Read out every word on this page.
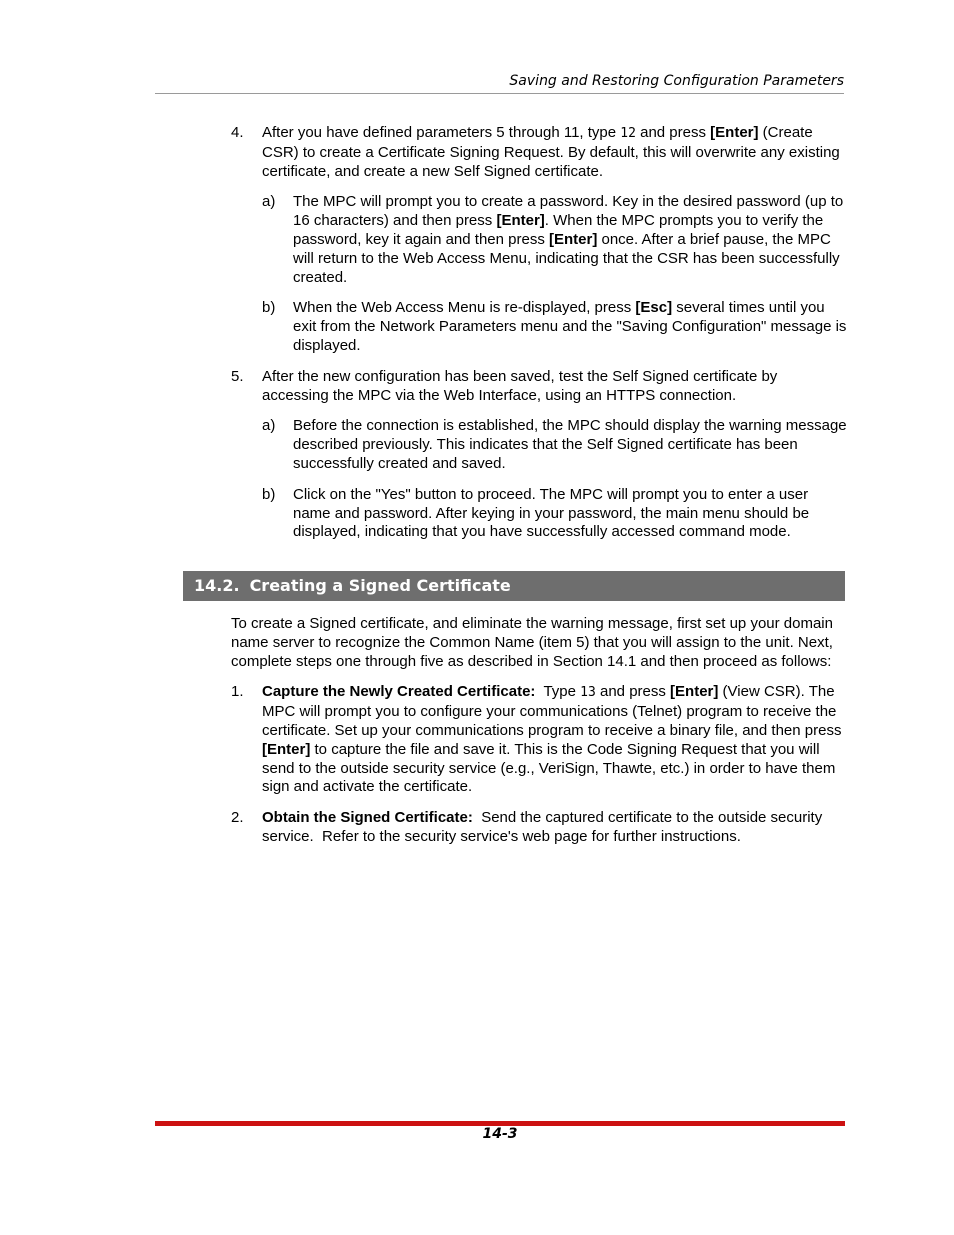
Saving and Restoring Configuration Parameters
4.	After you have defined parameters 5 through 11, type 12 and press [Enter] (Create CSR) to create a Certificate Signing Request. By default, this will overwrite any existing certificate, and create a new Self Signed certificate.
a)	The MPC will prompt you to create a password. Key in the desired password (up to 16 characters) and then press [Enter]. When the MPC prompts you to verify the password, key it again and then press [Enter] once. After a brief pause, the MPC will return to the Web Access Menu, indicating that the CSR has been successfully created.
b)	When the Web Access Menu is re-displayed, press [Esc] several times until you exit from the Network Parameters menu and the "Saving Configuration" message is displayed.
5.	After the new configuration has been saved, test the Self Signed certificate by accessing the MPC via the Web Interface, using an HTTPS connection.
a)	Before the connection is established, the MPC should display the warning message described previously. This indicates that the Self Signed certificate has been successfully created and saved.
b)	Click on the "Yes" button to proceed. The MPC will prompt you to enter a user name and password. After keying in your password, the main menu should be displayed, indicating that you have successfully accessed command mode.
14.2. Creating a Signed Certificate
To create a Signed certificate, and eliminate the warning message, first set up your domain name server to recognize the Common Name (item 5) that you will assign to the unit. Next, complete steps one through five as described in Section 14.1 and then proceed as follows:
1.	Capture the Newly Created Certificate:  Type 13 and press [Enter] (View CSR). The MPC will prompt you to configure your communications (Telnet) program to receive the certificate. Set up your communications program to receive a binary file, and then press [Enter] to capture the file and save it. This is the Code Signing Request that you will send to the outside security service (e.g., VeriSign, Thawte, etc.) in order to have them sign and activate the certificate.
2.	Obtain the Signed Certificate:  Send the captured certificate to the outside security service.  Refer to the security service's web page for further instructions.
14-3
